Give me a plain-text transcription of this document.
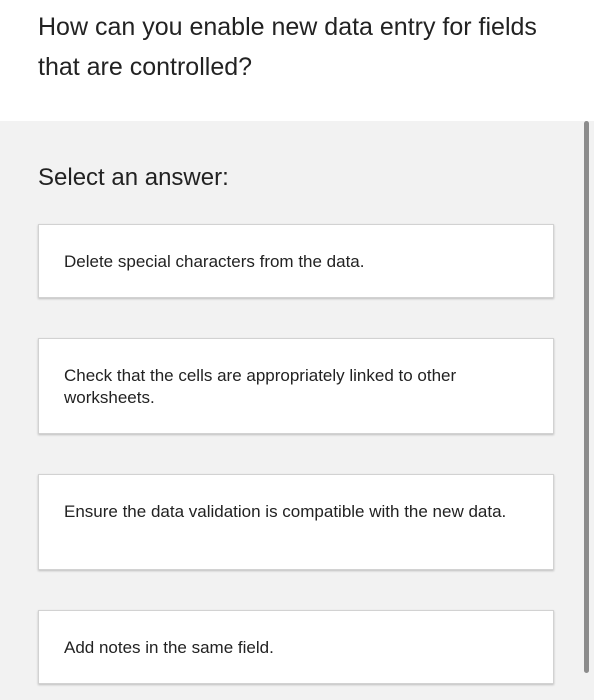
How can you enable new data entry for fields that are controlled?
Select an answer:
Delete special characters from the data.
Check that the cells are appropriately linked to other worksheets.
Ensure the data validation is compatible with the new data.
Add notes in the same field.
